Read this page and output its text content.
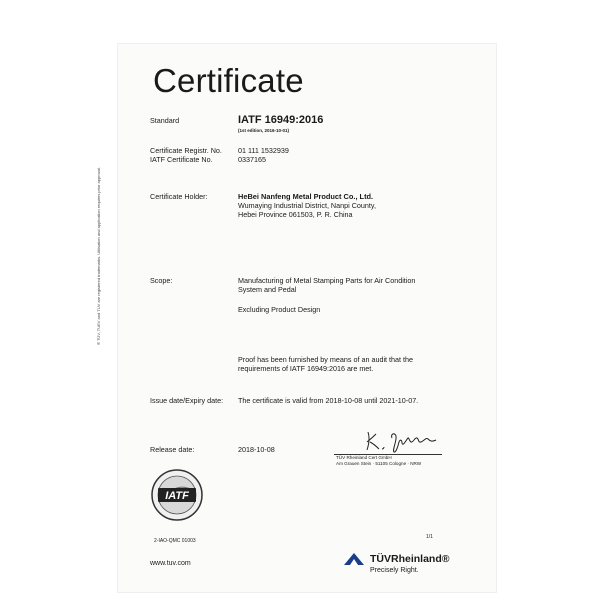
® TÜV, TUEV and TUV are registered trademarks. Utilisation and application requires prior approval.
Certificate
Standard	IATF 16949:2016
(1st edition, 2016-10-01)
Certificate Registr. No. 01 111 1532939
IATF Certificate No.	0337165
Certificate Holder:	HeBei Nanfeng Metal Product Co., Ltd.
Wumaying Industrial District, Nanpi County,
Hebei Province 061503, P. R. China
Scope:	Manufacturing of Metal Stamping Parts for Air Condition
System and Pedal
Excluding Product Design
Proof has been furnished by means of an audit that the
requirements of IATF 16949:2016 are met.
Issue date/Expiry date: The certificate is valid from 2018-10-08 until 2021-10-07.
Release date:	2018-10-08
TÜV Rheinland Cert GmbH
Am Grauen Stein · 51105 Cologne · NRW
IATF
2-IAO-QMC 01003
1/1
www.tuv.com	TÜVRheinland®
Precisely Right.
